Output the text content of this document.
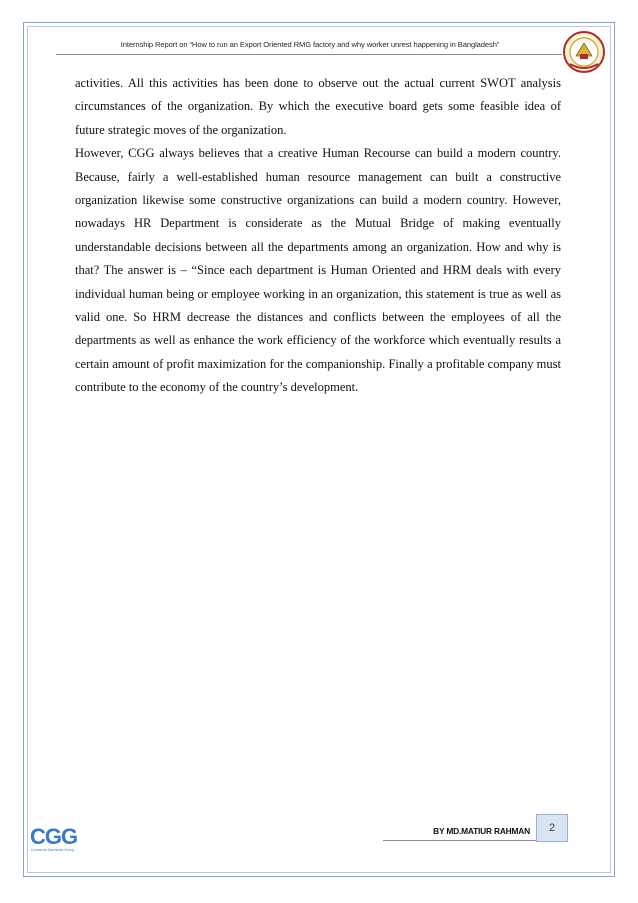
Internship Report on “How to run an Export Oriented RMG factory and why worker unrest happening in Bangladesh”

activities. All this activities has been done to observe out the actual current SWOT analysis circumstances of the organization. By which the executive board gets some feasible idea of future strategic moves of the organization.

However, CGG always believes that a creative Human Recourse can build a modern country. Because, fairly a well-established human resource management can built a constructive organization likewise some constructive organizations can build a modern country. However, nowadays HR Department is considerate as the Mutual Bridge of making eventually understandable decisions between all the departments among an organization. How and why is that? The answer is – “Since each department is Human Oriented and HRM deals with every individual human being or employee working in an organization, this statement is true as well as valid one. So HRM decrease the distances and conflicts between the employees of all the departments as well as enhance the work efficiency of the workforce which eventually results a certain amount of profit maximization for the companionship. Finally a profitable company must contribute to the economy of the country’s development.

CGG
Concorde Garments Group
BY MD.MATIUR RAHMAN	2
